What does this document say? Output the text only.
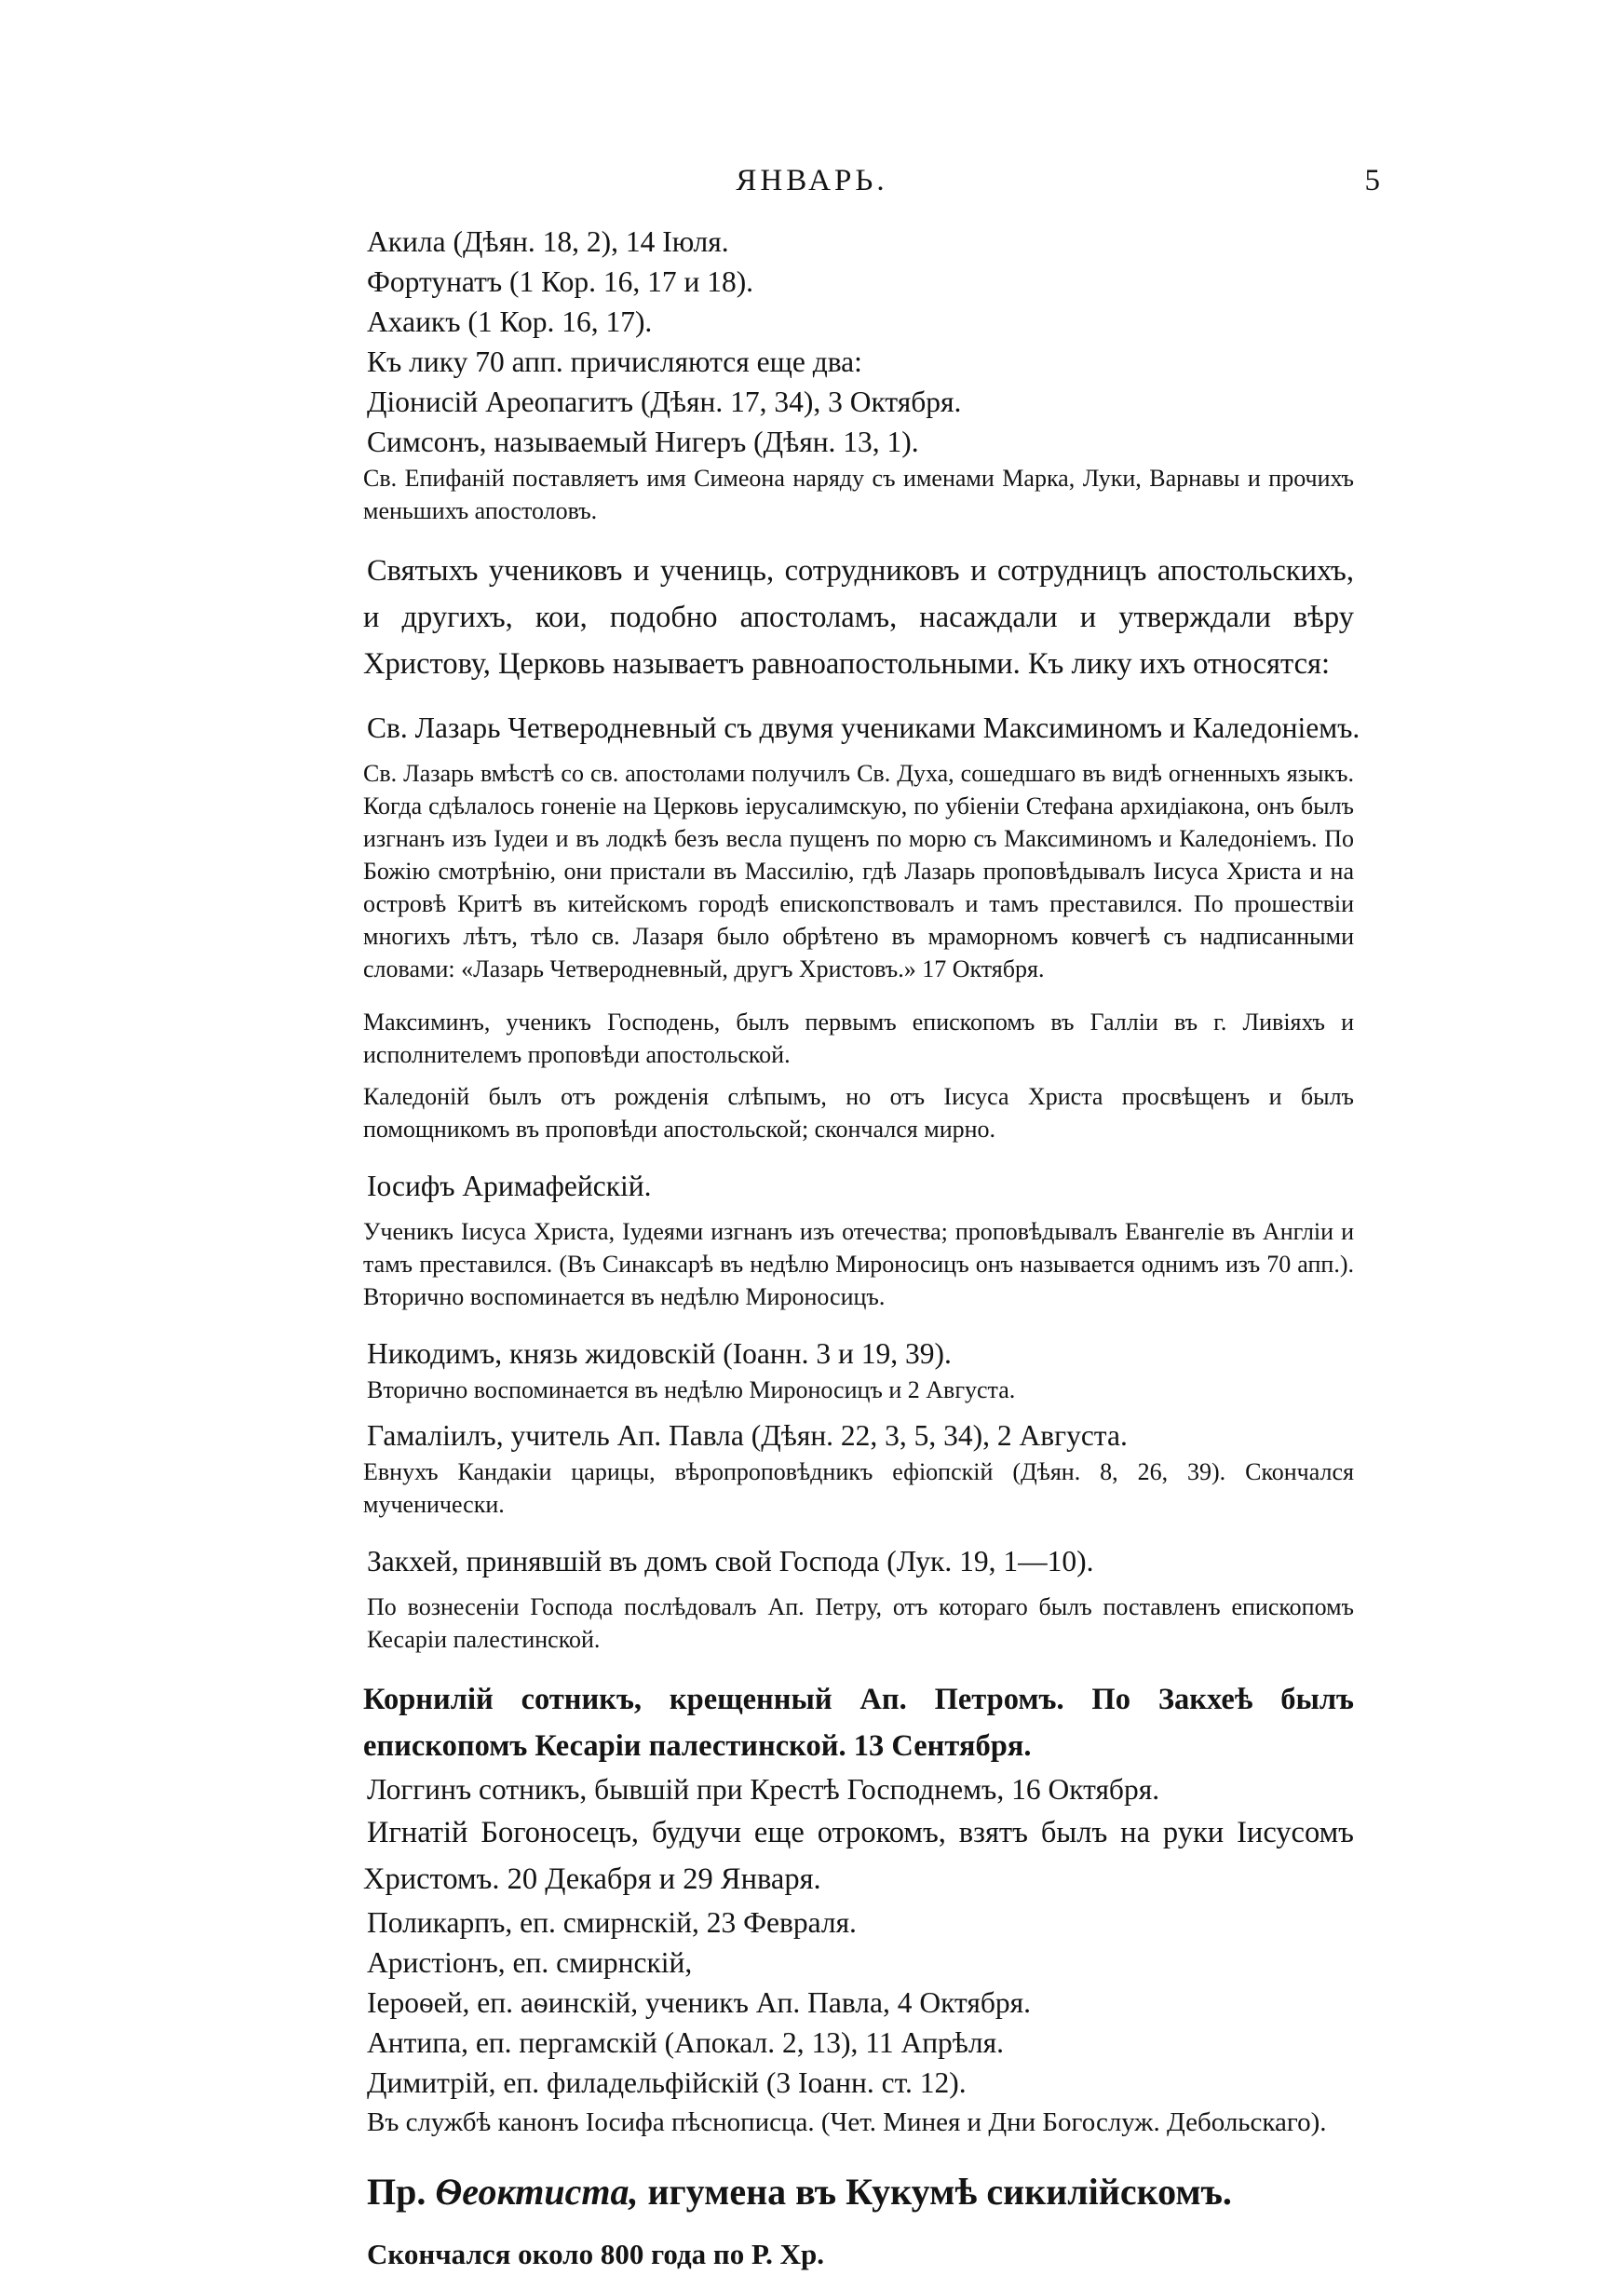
ЯНВАРЬ.	5

Акила (Дѣян. 18, 2), 14 Іюля.

Фортунатъ (1 Кор. 16, 17 и 18).

Ахаикъ (1 Кор. 16, 17).

Къ лику 70 апп. причисляются еще два:

Діонисій Ареопагитъ (Дѣян. 17, 34), 3 Октября.

Симсонъ, называемый Нигеръ (Дѣян. 13, 1).

Св. Епифаній поставляетъ имя Симеона наряду съ именами Марка, Луки, Варнавы и прочихъ меньшихъ апостоловъ.

Святыхъ учениковъ и учениць, сотрудниковъ и сотрудницъ апостольскихъ, и другихъ, кои, подобно апостоламъ, насаждали и утверждали вѣру Христову, Церковь называетъ равноапостольными. Къ лику ихъ относятся:

Св. Лазарь Четверодневный съ двумя учениками Максиминомъ и Каледоніемъ.

Св. Лазарь вмѣстѣ со св. апостолами получилъ Св. Духа, сошедшаго въ видѣ огненныхъ языкъ. Когда сдѣлалось гоненіе на Церковь іерусалимскую, по убіеніи Стефана архидіакона, онъ былъ изгнанъ изъ Іудеи и въ лодкѣ безъ весла пущенъ по морю съ Максиминомъ и Каледоніемъ. По Божію смотрѣнію, они пристали въ Массилію, гдѣ Лазарь проповѣдывалъ Іисуса Христа и на островѣ Критѣ въ китейскомъ городѣ епископствовалъ и тамъ преставился. По прошествіи многихъ лѣтъ, тѣло св. Лазаря было обрѣтено въ мраморномъ ковчегѣ съ надписанными словами: «Лазарь Четверодневный, другъ Христовъ.» 17 Октября.

Максиминъ, ученикъ Господень, былъ первымъ епископомъ въ Галліи въ г. Ливіяхъ и исполнителемъ проповѣди апостольской.

Каледоній былъ отъ рожденія слѣпымъ, но отъ Іисуса Христа просвѣщенъ и былъ помощникомъ въ проповѣди апостольской; скончался мирно.

Іосифъ Аримафейскій.

Ученикъ Іисуса Христа, Іудеями изгнанъ изъ отечества; проповѣдывалъ Евангеліе въ Англіи и тамъ преставился. (Въ Синаксарѣ въ недѣлю Мироносицъ онъ называется однимъ изъ 70 апп.). Вторично воспоминается въ недѣлю Мироносицъ.

Никодимъ, князь жидовскій (Іоанн. 3 и 19, 39).

Вторично воспоминается въ недѣлю Мироносицъ и 2 Августа.

Гамаліилъ, учитель Ап. Павла (Дѣян. 22, 3, 5, 34), 2 Августа.

Евнухъ Кандакіи царицы, вѣропроповѣдникъ ефіопскій (Дѣян. 8, 26, 39). Скончался мученически.

Закхей, принявшій въ домъ свой Господа (Лук. 19, 1—10).

По вознесеніи Господа послѣдовалъ Ап. Петру, отъ котораго былъ поставленъ епископомъ Кесаріи палестинской.

Корнилій сотникъ, крещенный Ап. Петромъ. По Закхеѣ былъ епископомъ Кесаріи палестинской. 13 Сентября.

Логгинъ сотникъ, бывшій при Крестѣ Господнемъ, 16 Октября.

Игнатій Богоносецъ, будучи еще отрокомъ, взятъ былъ на руки Іисусомъ Христомъ. 20 Декабря и 29 Января.

Поликарпъ, еп. смирнскій, 23 Февраля.

Аристіонъ, еп. смирнскій,

Іероѳей, еп. аѳинскій, ученикъ Ап. Павла, 4 Октября.

Антипа, еп. пергамскій (Апокал. 2, 13), 11 Апрѣля.

Димитрій, еп. филадельфійскій (3 Іоанн. ст. 12).

Въ службѣ канонъ Іосифа пѣснописца. (Чет. Минея и Дни Богослуж. Дебольскаго).

Пр. Ѳеоктиста, игумена въ Кукумѣ сикилійскомъ.

Скончался около 800 года по Р. Хр.
